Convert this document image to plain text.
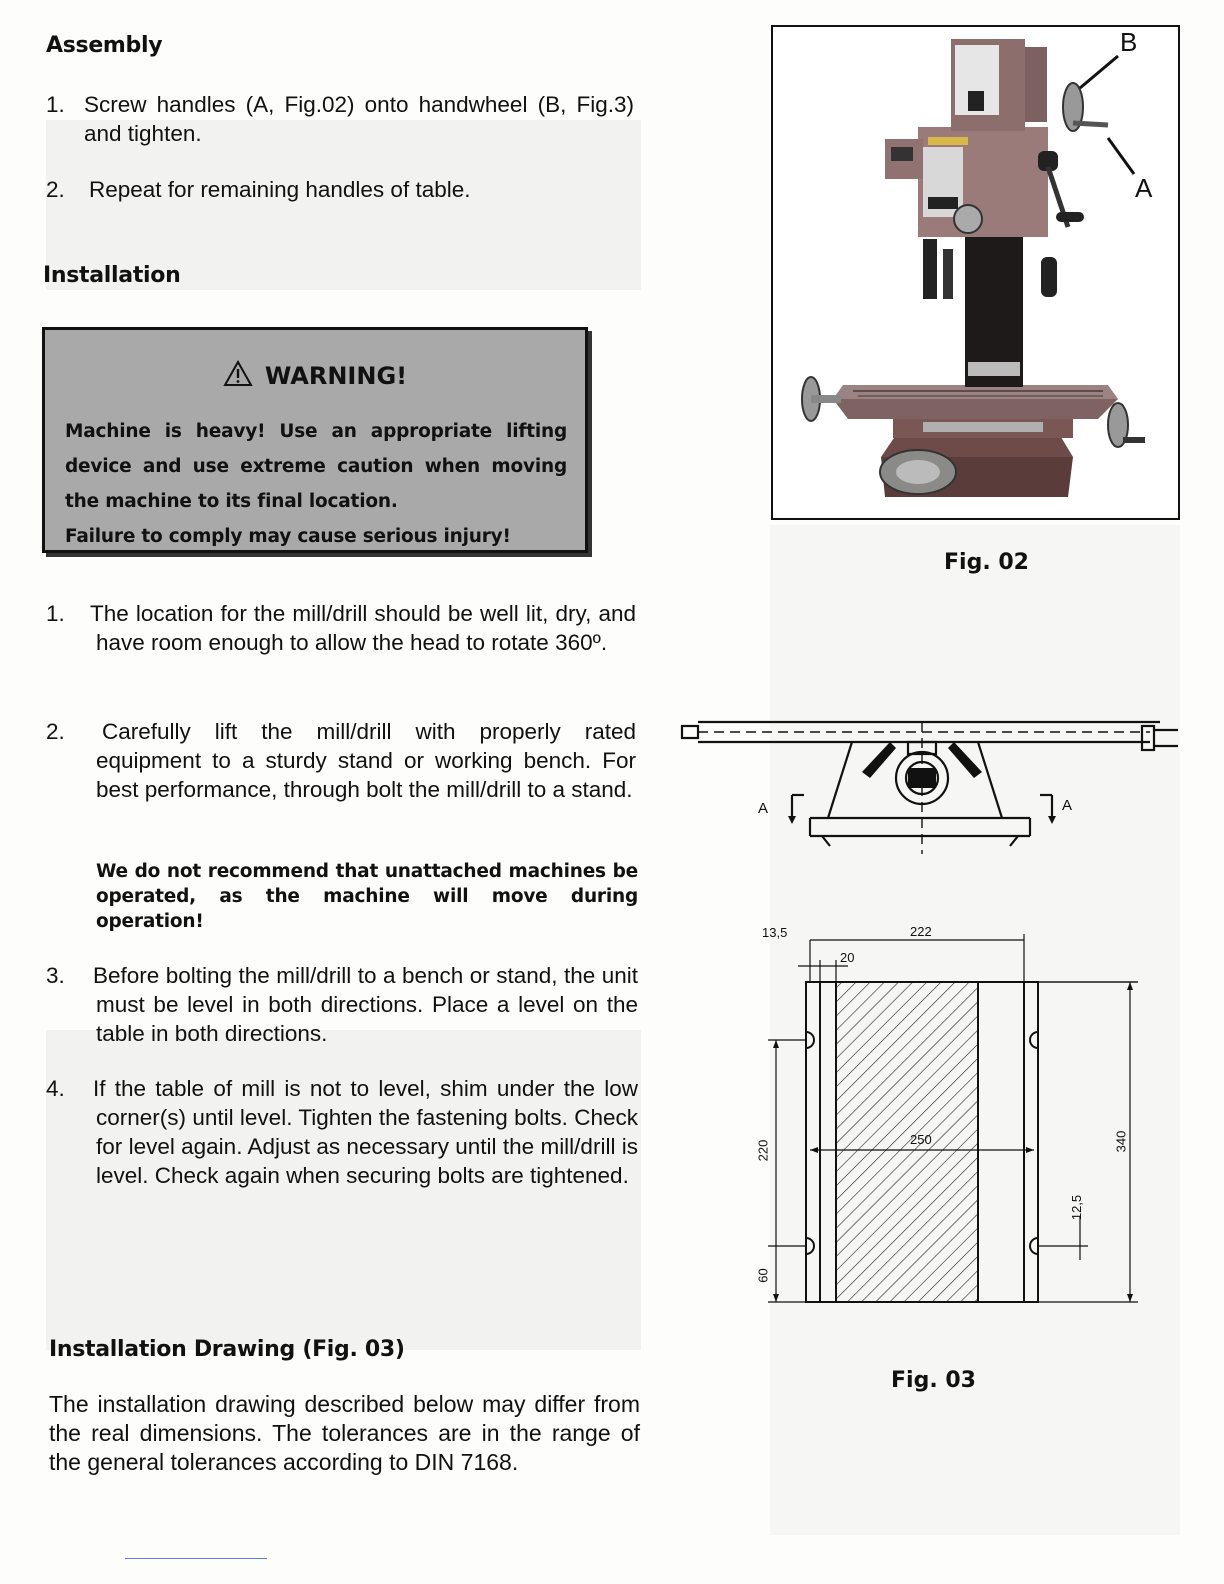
Assembly
1. Screw handles (A, Fig.02) onto handwheel (B, Fig.3) and tighten.
2.	Repeat for remaining handles of table.
Installation
WARNING!

Machine is heavy! Use an appropriate lifting device and use extreme caution when moving the machine to its final location.

Failure to comply may cause serious injury!

1.	The location for the mill/drill should be well lit, dry, and have room enough to allow the head to rotate 360º.
2.	Carefully lift the mill/drill with properly rated equipment to a sturdy stand or working bench. For best performance, through bolt the mill/drill to a stand.
We do not recommend that unattached machines be operated, as the machine will move during operation!
3.	Before bolting the mill/drill to a bench or stand, the unit must be level in both directions. Place a level on the table in both directions.
4.	If the table of mill is not to level, shim under the low corner(s) until level. Tighten the fastening bolts. Check for level again. Adjust as necessary until the mill/drill is level. Check again when securing bolts are tightened.
Installation Drawing (Fig. 03)
The installation drawing described below may differ from the real dimensions. The tolerances are in the range of the general tolerances according to DIN 7168.
B
A
Fig. 02
A	A
13,5	222
20
250
220
60
340
12,5
Fig. 03
